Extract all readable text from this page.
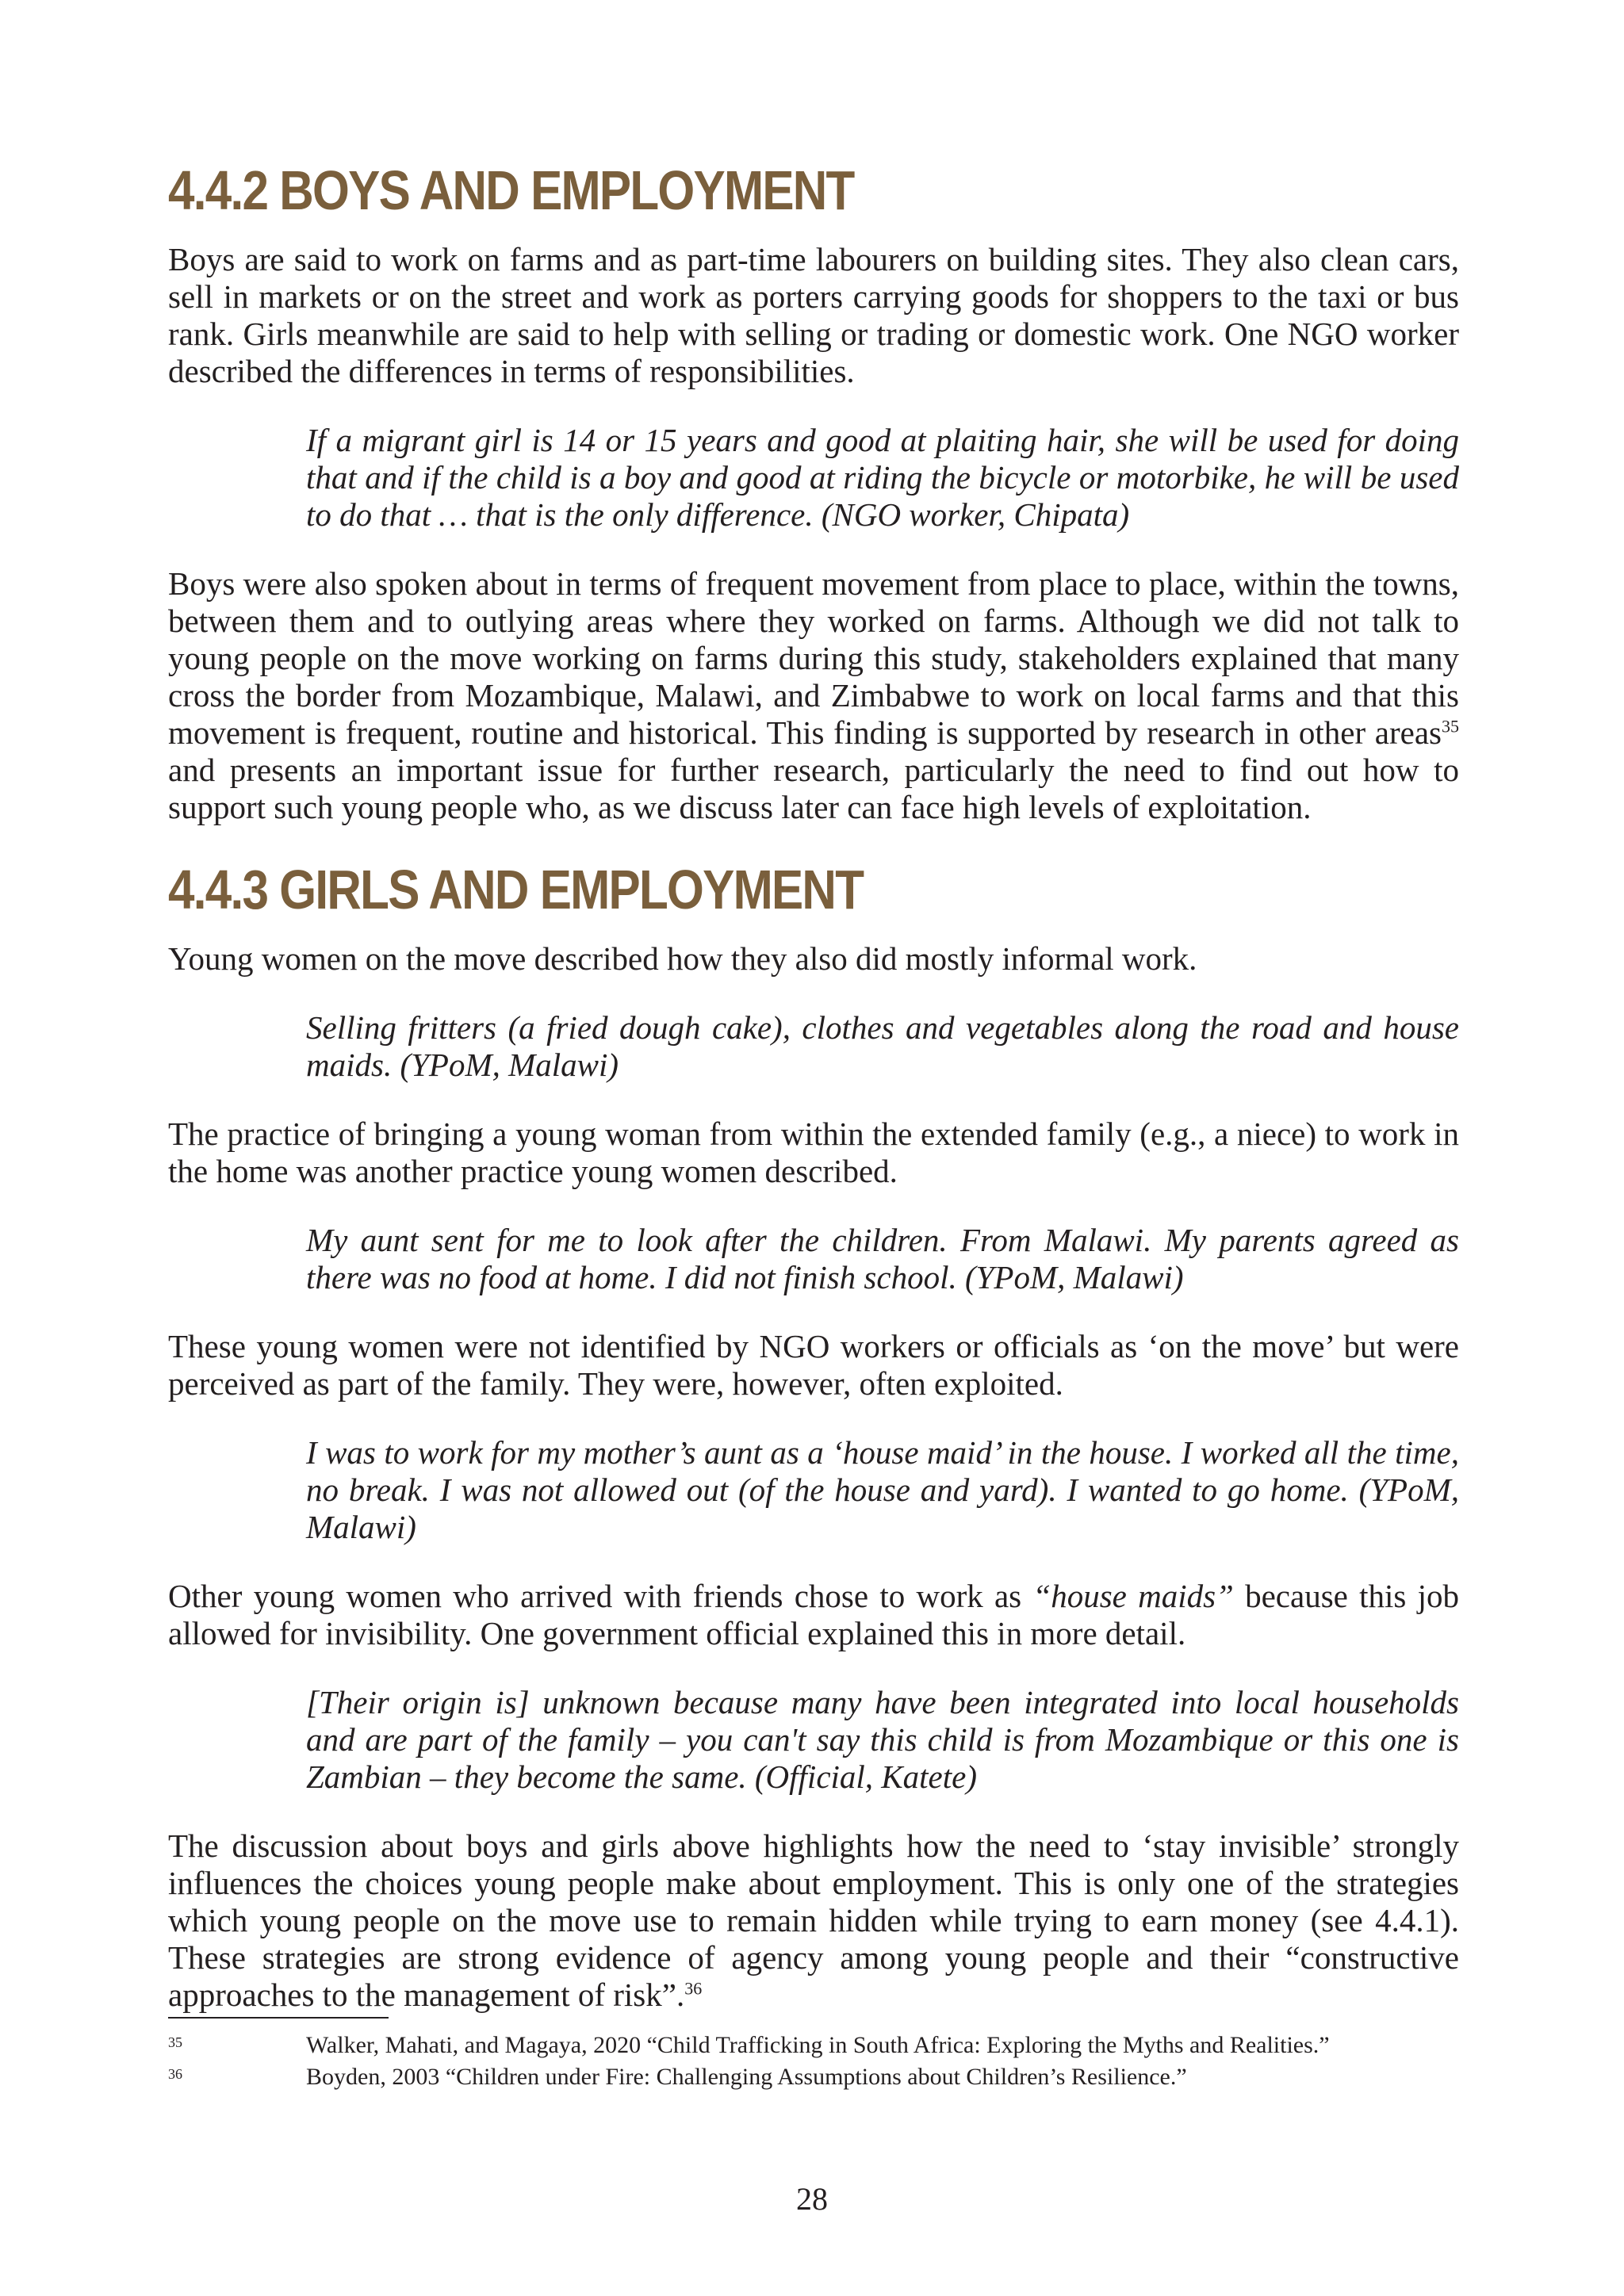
4.4.2 BOYS AND EMPLOYMENT

Boys are said to work on farms and as part-time labourers on building sites. They also clean cars, sell in markets or on the street and work as porters carrying goods for shoppers to the taxi or bus rank. Girls meanwhile are said to help with selling or trading or domestic work. One NGO worker described the differences in terms of responsibilities.

If a migrant girl is 14 or 15 years and good at plaiting hair, she will be used for doing that and if the child is a boy and good at riding the bicycle or motorbike, he will be used to do that … that is the only difference. (NGO worker, Chipata)

Boys were also spoken about in terms of frequent movement from place to place, within the towns, between them and to outlying areas where they worked on farms. Although we did not talk to young people on the move working on farms during this study, stakeholders explained that many cross the border from Mozambique, Malawi, and Zimbabwe to work on local farms and that this movement is frequent, routine and historical. This finding is supported by research in other areas$^{35}$ and presents an important issue for further research, particularly the need to find out how to support such young people who, as we discuss later can face high levels of exploitation.

4.4.3 GIRLS AND EMPLOYMENT

Young women on the move described how they also did mostly informal work.

Selling fritters (a fried dough cake), clothes and vegetables along the road and house maids. (YPoM, Malawi)

The practice of bringing a young woman from within the extended family (e.g., a niece) to work in the home was another practice young women described.

My aunt sent for me to look after the children. From Malawi. My parents agreed as there was no food at home. I did not finish school. (YPoM, Malawi)

These young women were not identified by NGO workers or officials as ‘on the move’ but were perceived as part of the family. They were, however, often exploited.

I was to work for my mother’s aunt as a ‘house maid’ in the house. I worked all the time, no break. I was not allowed out (of the house and yard). I wanted to go home. (YPoM, Malawi)

Other young women who arrived with friends chose to work as “house maids” because this job allowed for invisibility. One government official explained this in more detail.

[Their origin is] unknown because many have been integrated into local households and are part of the family – you can't say this child is from Mozambique or this one is Zambian – they become the same. (Official, Katete)

The discussion about boys and girls above highlights how the need to ‘stay invisible’ strongly influences the choices young people make about employment. This is only one of the strategies which young people on the move use to remain hidden while trying to earn money (see 4.4.1). These strategies are strong evidence of agency among young people and their “constructive approaches to the management of risk”.$^{36}$

35	Walker, Mahati, and Magaya, 2020 “Child Trafficking in South Africa: Exploring the Myths and Realities.”
36	Boyden, 2003 “Children under Fire: Challenging Assumptions about Children’s Resilience.”
28
